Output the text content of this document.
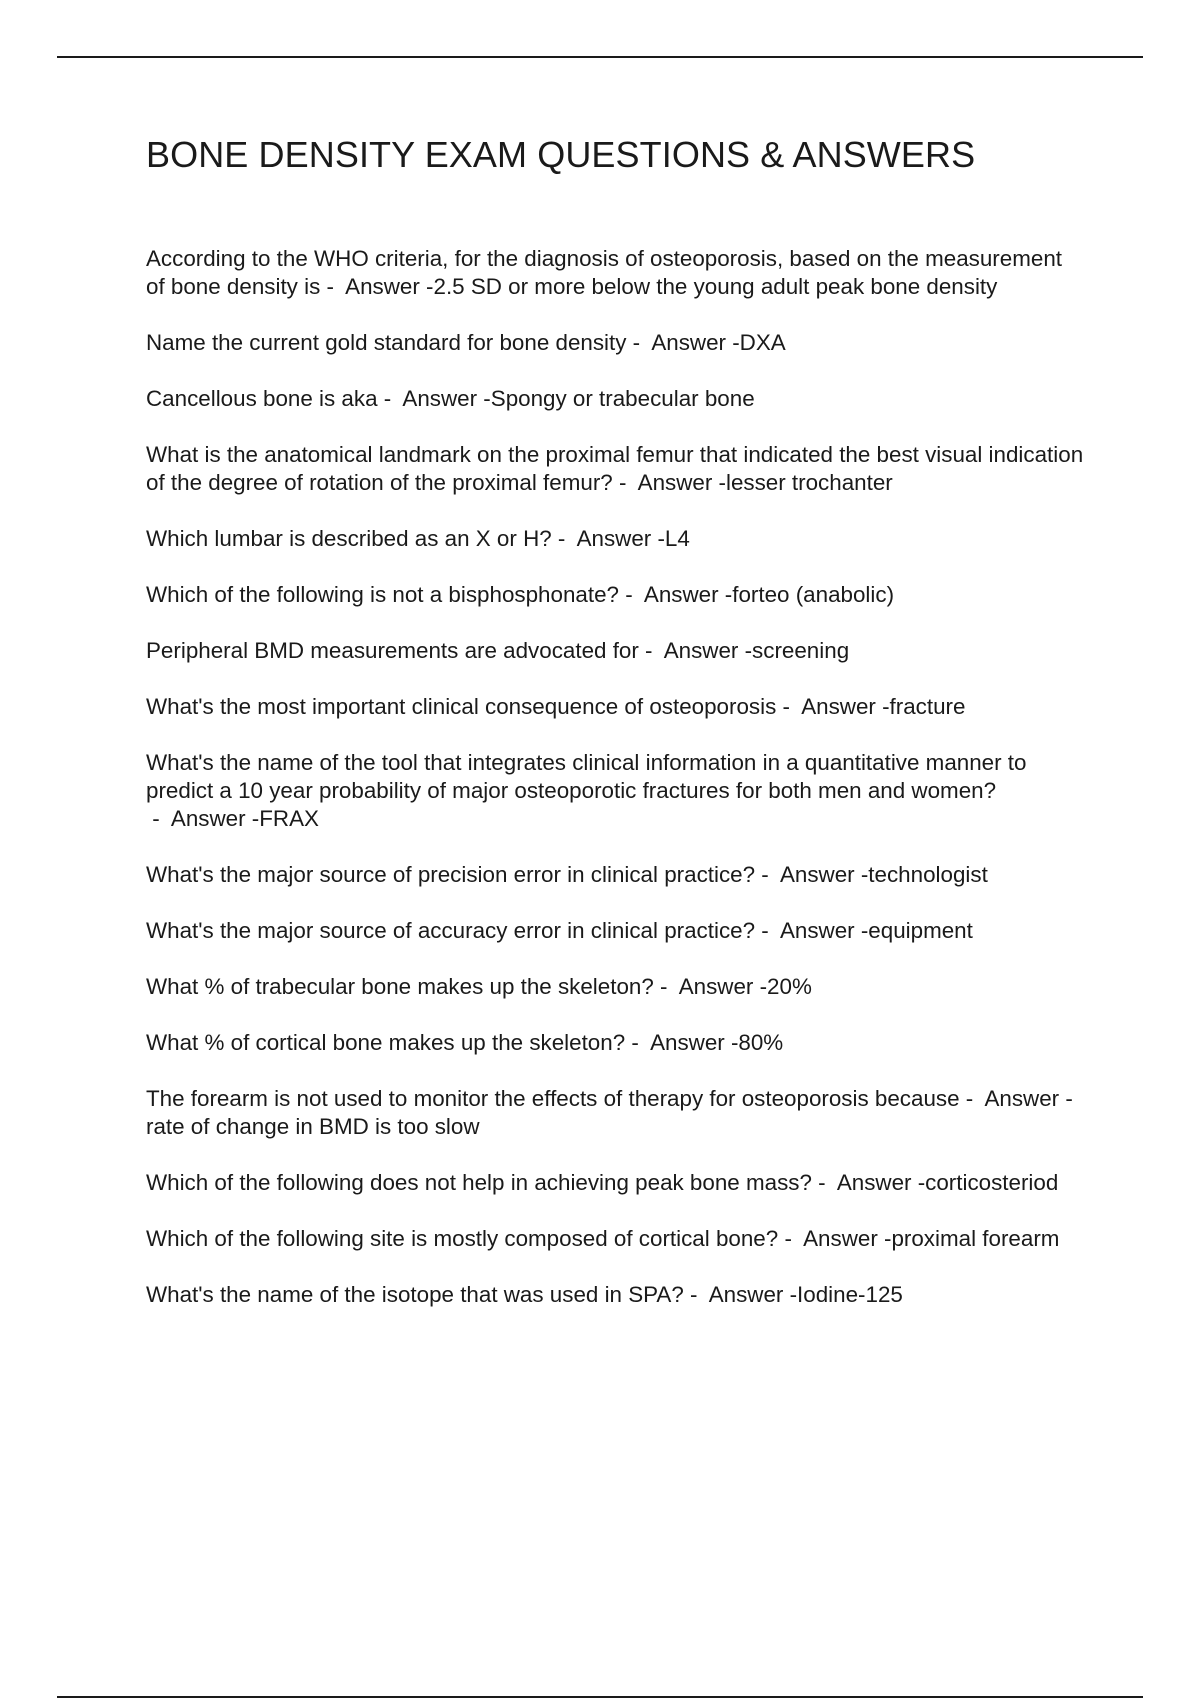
BONE DENSITY EXAM QUESTIONS & ANSWERS
According to the WHO criteria, for the diagnosis of osteoporosis, based on the measurement of bone density is -  Answer -2.5 SD or more below the young adult peak bone density
Name the current gold standard for bone density -  Answer -DXA
Cancellous bone is aka -  Answer -Spongy or trabecular bone
What is the anatomical landmark on the proximal femur that indicated the best visual indication of the degree of rotation of the proximal femur? -  Answer -lesser trochanter
Which lumbar is described as an X or H? -  Answer -L4
Which of the following is not a bisphosphonate? -  Answer -forteo (anabolic)
Peripheral BMD measurements are advocated for -  Answer -screening
What's the most important clinical consequence of osteoporosis -  Answer -fracture
What's the name of the tool that integrates clinical information in a quantitative manner to predict a 10 year probability of major osteoporotic fractures for both men and women? -  Answer -FRAX
What's the major source of precision error in clinical practice? -  Answer -technologist
What's the major source of accuracy error in clinical practice? -  Answer -equipment
What % of trabecular bone makes up the skeleton? -  Answer -20%
What % of cortical bone makes up the skeleton? -  Answer -80%
The forearm is not used to monitor the effects of therapy for osteoporosis because -  Answer -rate of change in BMD is too slow
Which of the following does not help in achieving peak bone mass? -  Answer -corticosteriod
Which of the following site is mostly composed of cortical bone? -  Answer -proximal forearm
What's the name of the isotope that was used in SPA? -  Answer -Iodine-125
